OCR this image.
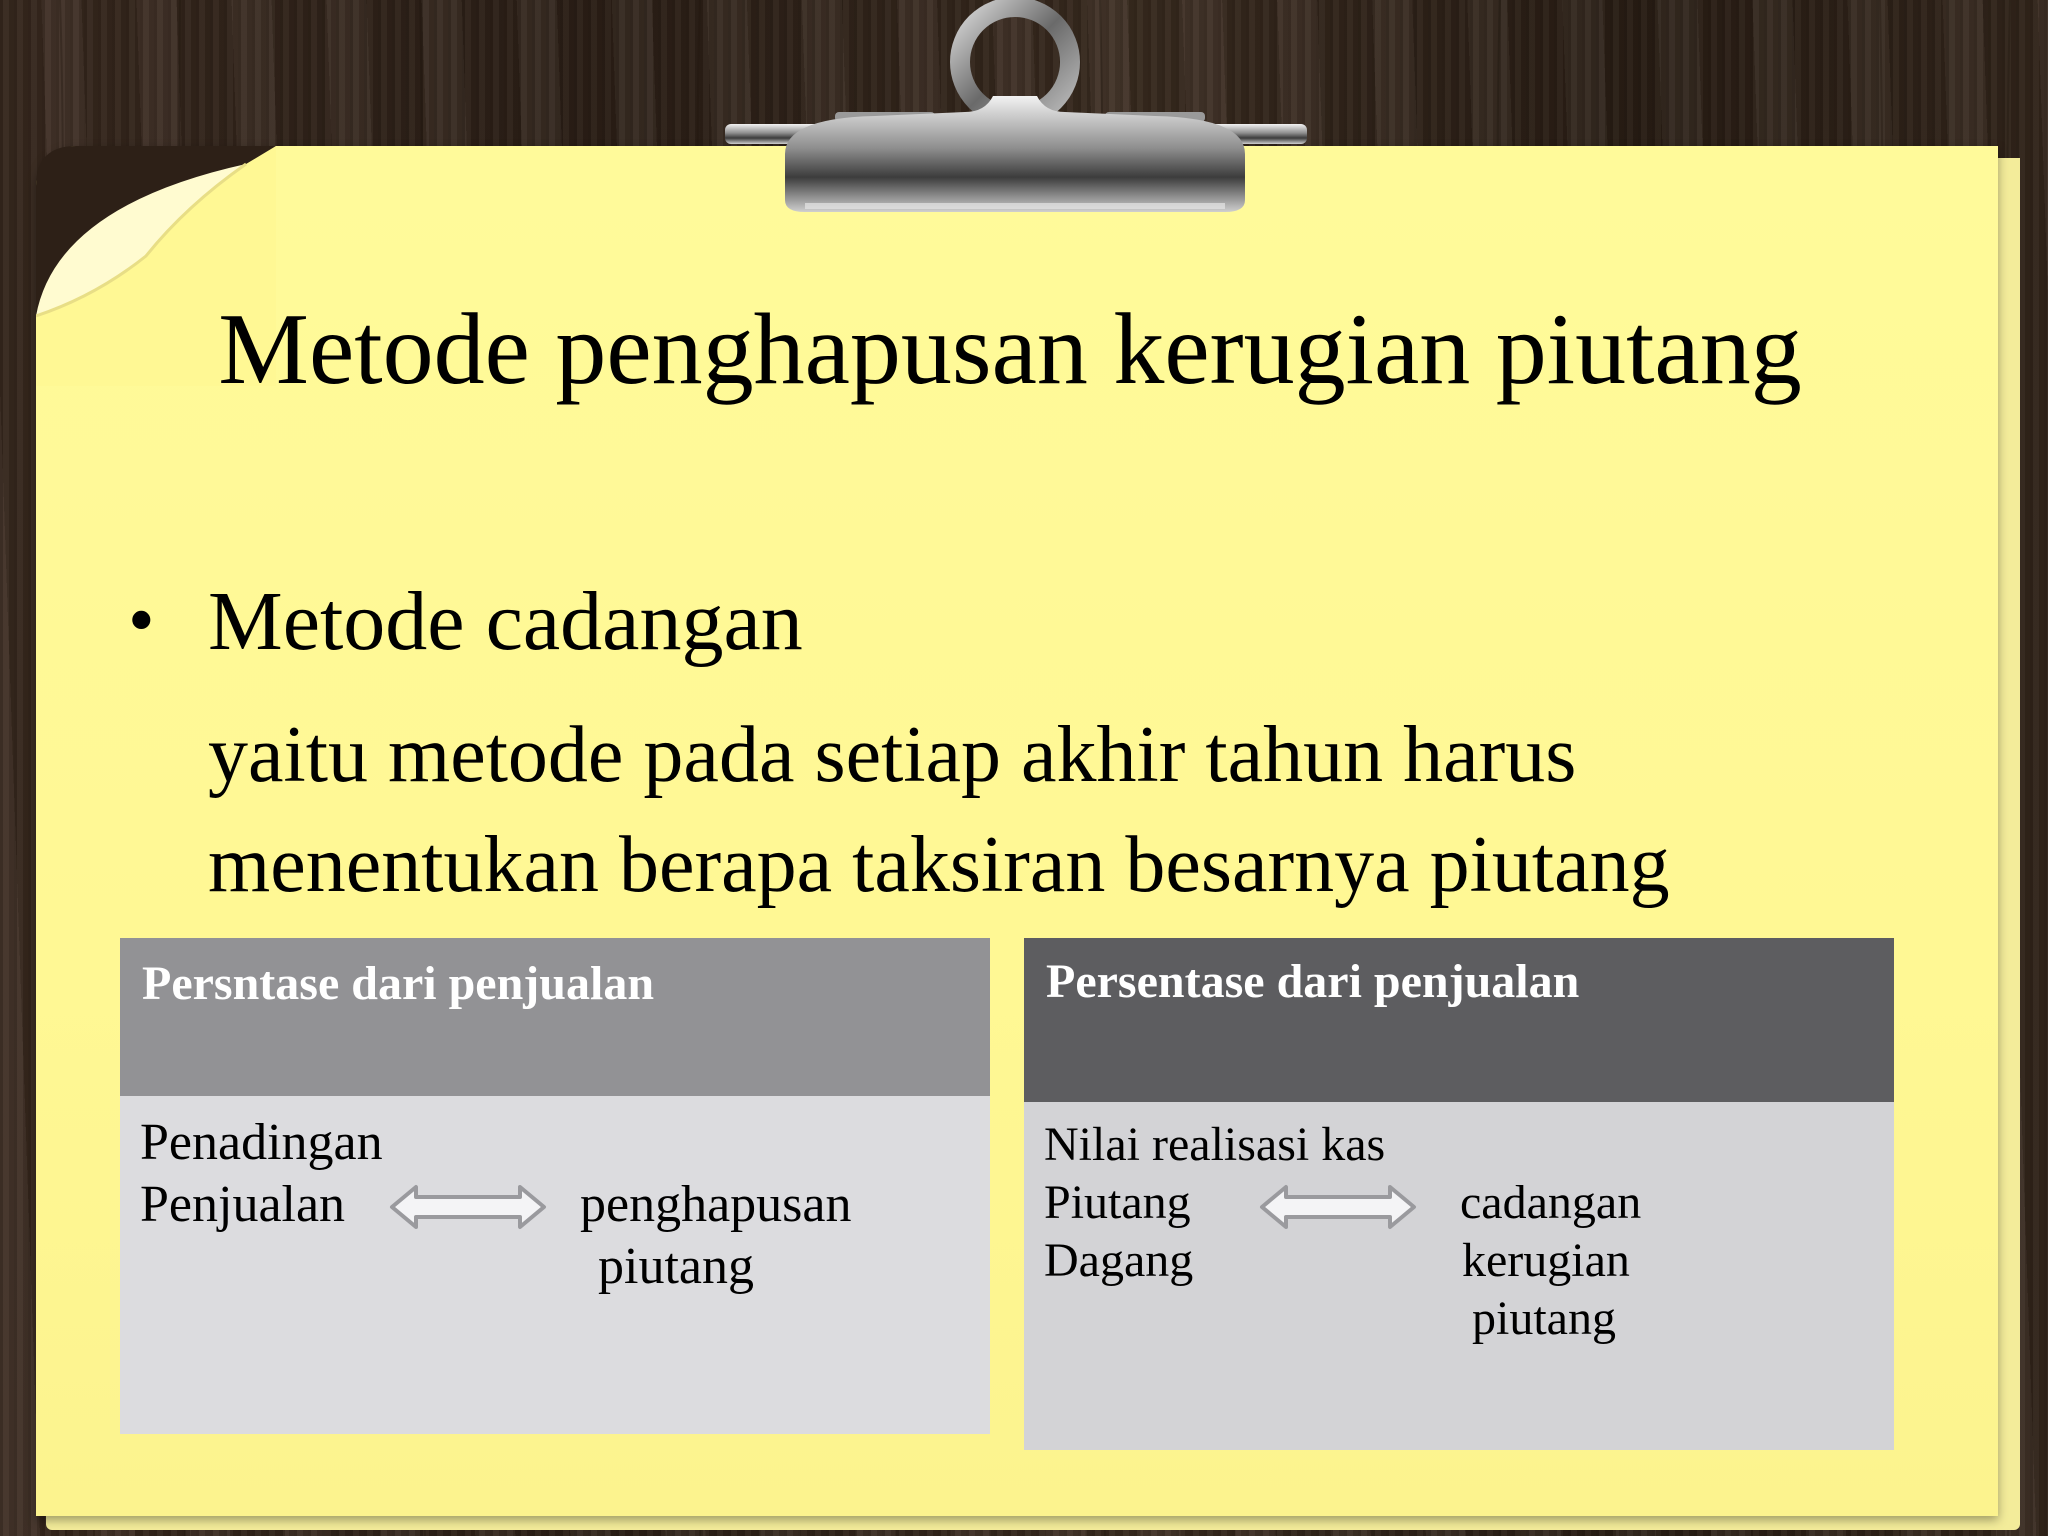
Metode penghapusan kerugian piutang
• Metode cadangan

yaitu metode pada setiap akhir tahun harus menentukan berapa taksiran besarnya piutang

Persntase dari penjualan
Penadingan
Penjualan	penghapusan
piutang
Persentase dari penjualan
Nilai realisasi kas
Piutang
Dagang
cadangan
kerugian
piutang
